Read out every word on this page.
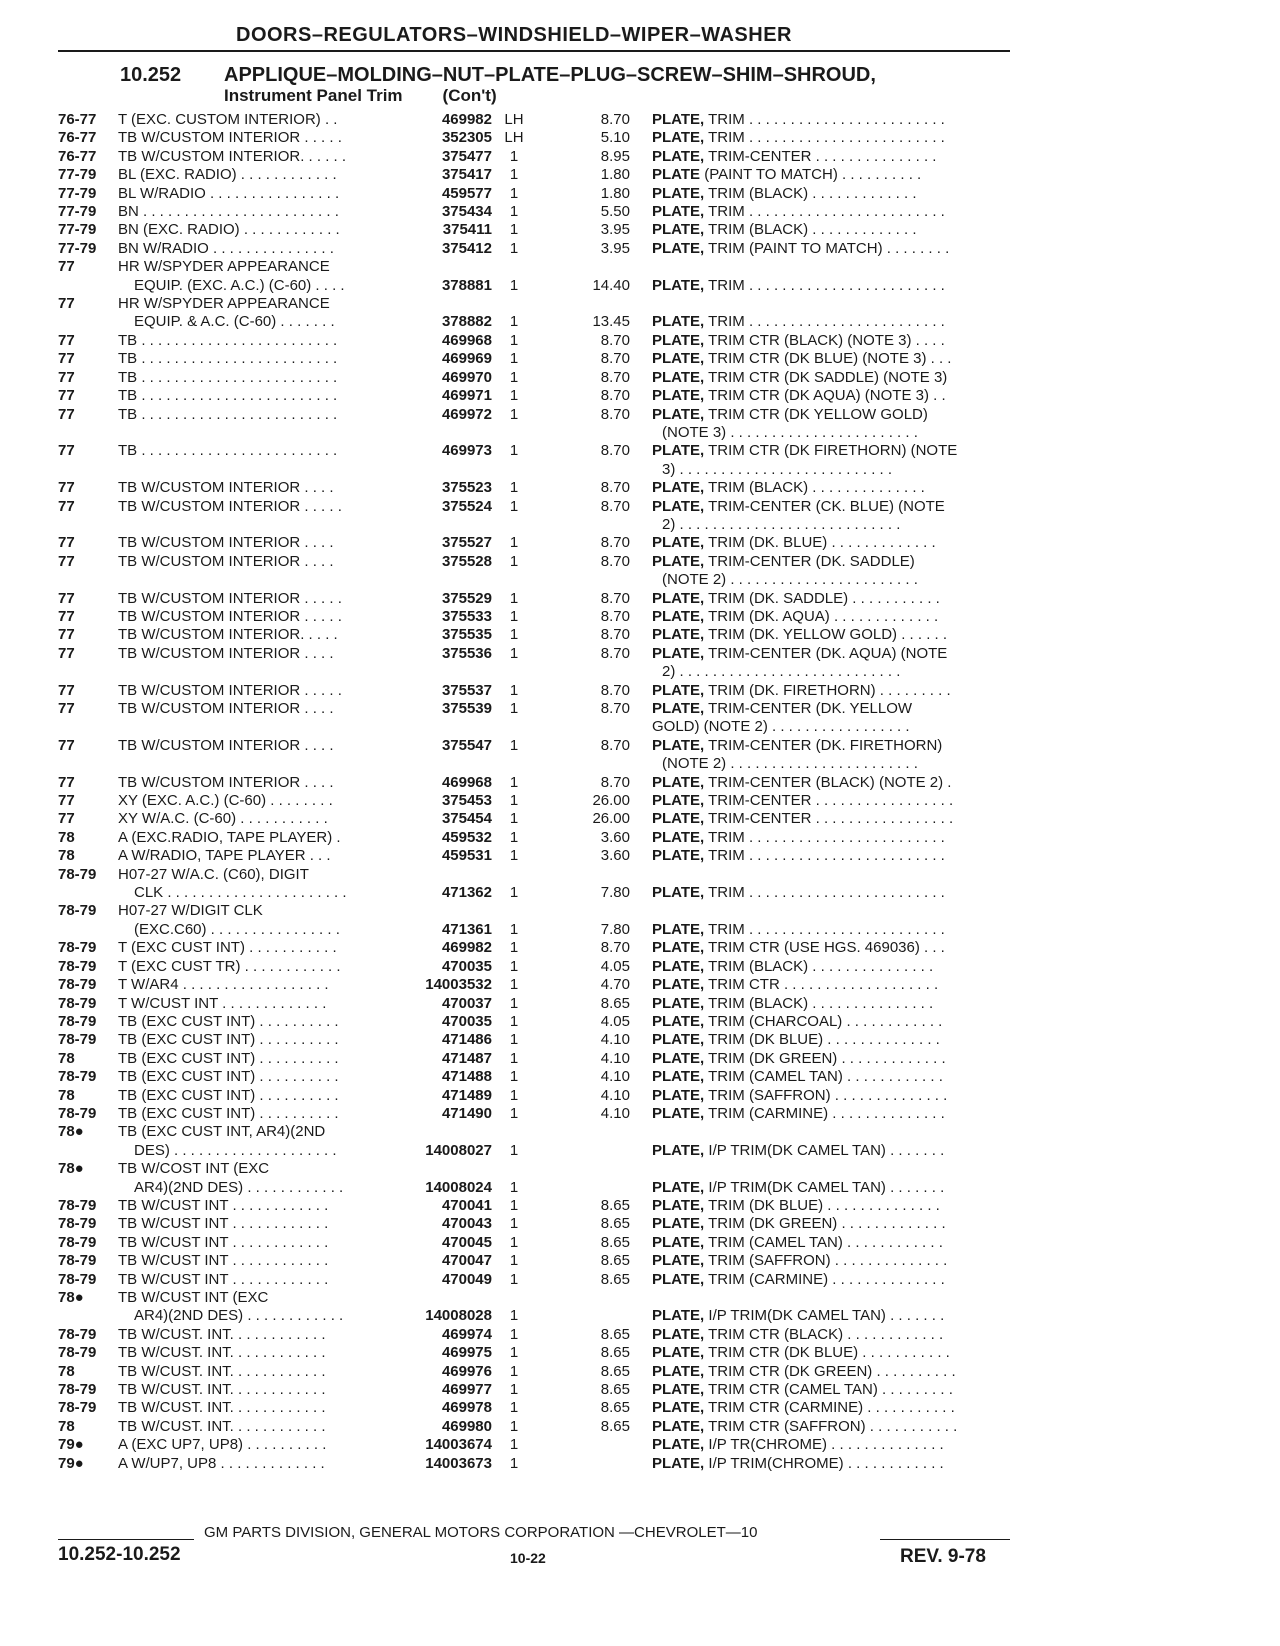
DOORS–REGULATORS–WINDSHIELD–WIPER–WASHER
10.252 APPLIQUE–MOLDING–NUT–PLATE–PLUG–SCREW–SHIM–SHROUD,
Instrument Panel Trim (Con't)
76-77	T (EXC. CUSTOM INTERIOR) . .	469982 LH	8.70 PLATE, TRIM . . . . . . . . . . . . . . . . . . . . . . . .
76-77	TB W/CUSTOM INTERIOR . . . . .	352305 LH	5.10 PLATE, TRIM . . . . . . . . . . . . . . . . . . . . . . . .
76-77	TB W/CUSTOM INTERIOR. . . . . .	375477	1	8.95 PLATE, TRIM-CENTER . . . . . . . . . . . . . . .
77-79	BL (EXC. RADIO) . . . . . . . . . . . .	375417	1	1.80 PLATE (PAINT TO MATCH) . . . . . . . . . .
77-79	BL W/RADIO . . . . . . . . . . . . . . . .	459577	1	1.80 PLATE, TRIM (BLACK) . . . . . . . . . . . . .
77-79	BN . . . . . . . . . . . . . . . . . . . . . . . .	375434	1	5.50 PLATE, TRIM . . . . . . . . . . . . . . . . . . . . . . . .
77-79	BN (EXC. RADIO) . . . . . . . . . . . .	375411	1	3.95 PLATE, TRIM (BLACK) . . . . . . . . . . . . .
77-79	BN W/RADIO . . . . . . . . . . . . . . .	375412	1	3.95 PLATE, TRIM (PAINT TO MATCH) . . . . . . . .
77	HR W/SPYDER APPEARANCE
EQUIP. (EXC. A.C.) (C-60) . . . .	378881	1	14.40 PLATE, TRIM . . . . . . . . . . . . . . . . . . . . . . . .
77	HR W/SPYDER APPEARANCE
EQUIP. & A.C. (C-60) . . . . . . .	378882	1	13.45 PLATE, TRIM . . . . . . . . . . . . . . . . . . . . . . . .
77	TB . . . . . . . . . . . . . . . . . . . . . . . .	469968	1	8.70 PLATE, TRIM CTR (BLACK) (NOTE 3) . . . .
77	TB . . . . . . . . . . . . . . . . . . . . . . . .	469969	1	8.70 PLATE, TRIM CTR (DK BLUE) (NOTE 3) . . .
77	TB . . . . . . . . . . . . . . . . . . . . . . . .	469970	1	8.70 PLATE, TRIM CTR (DK SADDLE) (NOTE 3)
77	TB . . . . . . . . . . . . . . . . . . . . . . . .	469971	1	8.70 PLATE, TRIM CTR (DK AQUA) (NOTE 3) . .
77	TB . . . . . . . . . . . . . . . . . . . . . . . .	469972	1	8.70 PLATE, TRIM CTR (DK YELLOW GOLD)
(NOTE 3) . . . . . . . . . . . . . . . . . . . . . . .
77	TB . . . . . . . . . . . . . . . . . . . . . . . .	469973	1	8.70 PLATE, TRIM CTR (DK FIRETHORN) (NOTE
3) . . . . . . . . . . . . . . . . . . . . . . . . . .
77	TB W/CUSTOM INTERIOR . . . .	375523	1	8.70 PLATE, TRIM (BLACK) . . . . . . . . . . . . . .
77	TB W/CUSTOM INTERIOR . . . . .	375524	1	8.70 PLATE, TRIM-CENTER (CK. BLUE) (NOTE
2) . . . . . . . . . . . . . . . . . . . . . . . . . . .
77	TB W/CUSTOM INTERIOR . . . .	375527	1	8.70 PLATE, TRIM (DK. BLUE) . . . . . . . . . . . . .
77	TB W/CUSTOM INTERIOR . . . .	375528	1	8.70 PLATE, TRIM-CENTER (DK. SADDLE)
(NOTE 2) . . . . . . . . . . . . . . . . . . . . . . .
77	TB W/CUSTOM INTERIOR . . . . .	375529	1	8.70 PLATE, TRIM (DK. SADDLE) . . . . . . . . . . .
77	TB W/CUSTOM INTERIOR . . . . .	375533	1	8.70 PLATE, TRIM (DK. AQUA) . . . . . . . . . . . . .
77	TB W/CUSTOM INTERIOR. . . . .	375535	1	8.70 PLATE, TRIM (DK. YELLOW GOLD) . . . . . .
77	TB W/CUSTOM INTERIOR . . . .	375536	1	8.70 PLATE, TRIM-CENTER (DK. AQUA) (NOTE
2) . . . . . . . . . . . . . . . . . . . . . . . . . . .
77	TB W/CUSTOM INTERIOR . . . . .	375537	1	8.70 PLATE, TRIM (DK. FIRETHORN) . . . . . . . . .
77	TB W/CUSTOM INTERIOR . . . .	375539	1	8.70 PLATE, TRIM-CENTER (DK. YELLOW
GOLD) (NOTE 2) . . . . . . . . . . . . . . . . .
77	TB W/CUSTOM INTERIOR . . . .	375547	1	8.70 PLATE, TRIM-CENTER (DK. FIRETHORN)
(NOTE 2) . . . . . . . . . . . . . . . . . . . . . . .
77	TB W/CUSTOM INTERIOR . . . .	469968	1	8.70 PLATE, TRIM-CENTER (BLACK) (NOTE 2) .
77	XY (EXC. A.C.) (C-60) . . . . . . . .	375453	1	26.00 PLATE, TRIM-CENTER . . . . . . . . . . . . . . . . .
77	XY W/A.C. (C-60) . . . . . . . . . . .	375454	1	26.00 PLATE, TRIM-CENTER . . . . . . . . . . . . . . . . .
78	A (EXC.RADIO, TAPE PLAYER) .	459532	1	3.60 PLATE, TRIM . . . . . . . . . . . . . . . . . . . . . . . .
78	A W/RADIO, TAPE PLAYER . . .	459531	1	3.60 PLATE, TRIM . . . . . . . . . . . . . . . . . . . . . . . .
78-79	H07-27 W/A.C. (C60), DIGIT
CLK . . . . . . . . . . . . . . . . . . . . . .	471362	1	7.80 PLATE, TRIM . . . . . . . . . . . . . . . . . . . . . . . .
78-79	H07-27 W/DIGIT CLK
(EXC.C60) . . . . . . . . . . . . . . . .	471361	1	7.80 PLATE, TRIM . . . . . . . . . . . . . . . . . . . . . . . .
78-79	T (EXC CUST INT) . . . . . . . . . . .	469982	1	8.70 PLATE, TRIM CTR (USE HGS. 469036) . . .
78-79	T (EXC CUST TR) . . . . . . . . . . . .	470035	1	4.05 PLATE, TRIM (BLACK) . . . . . . . . . . . . . . .
78-79	T W/AR4 . . . . . . . . . . . . . . . . . .	14003532	1	4.70 PLATE, TRIM CTR . . . . . . . . . . . . . . . . . . .
78-79	T W/CUST INT . . . . . . . . . . . . .	470037	1	8.65 PLATE, TRIM (BLACK) . . . . . . . . . . . . . . .
78-79	TB (EXC CUST INT) . . . . . . . . . .	470035	1	4.05 PLATE, TRIM (CHARCOAL) . . . . . . . . . . . .
78-79	TB (EXC CUST INT) . . . . . . . . . .	471486	1	4.10 PLATE, TRIM (DK BLUE) . . . . . . . . . . . . . .
78	TB (EXC CUST INT) . . . . . . . . . .	471487	1	4.10 PLATE, TRIM (DK GREEN) . . . . . . . . . . . . .
78-79	TB (EXC CUST INT) . . . . . . . . . .	471488	1	4.10 PLATE, TRIM (CAMEL TAN) . . . . . . . . . . . .
78	TB (EXC CUST INT) . . . . . . . . . .	471489	1	4.10 PLATE, TRIM (SAFFRON) . . . . . . . . . . . . . .
78-79	TB (EXC CUST INT) . . . . . . . . . .	471490	1	4.10 PLATE, TRIM (CARMINE) . . . . . . . . . . . . . .
78●	TB (EXC CUST INT, AR4)(2ND
DES) . . . . . . . . . . . . . . . . . . . .	14008027	1	PLATE, I/P TRIM(DK CAMEL TAN) . . . . . . .
78●	TB W/COST INT (EXC
AR4)(2ND DES) . . . . . . . . . . . .	14008024	1	PLATE, I/P TRIM(DK CAMEL TAN) . . . . . . .
78-79	TB W/CUST INT . . . . . . . . . . . .	470041	1	8.65 PLATE, TRIM (DK BLUE) . . . . . . . . . . . . . .
78-79	TB W/CUST INT . . . . . . . . . . . .	470043	1	8.65 PLATE, TRIM (DK GREEN) . . . . . . . . . . . . .
78-79	TB W/CUST INT . . . . . . . . . . . .	470045	1	8.65 PLATE, TRIM (CAMEL TAN) . . . . . . . . . . . .
78-79	TB W/CUST INT . . . . . . . . . . . .	470047	1	8.65 PLATE, TRIM (SAFFRON) . . . . . . . . . . . . . .
78-79	TB W/CUST INT . . . . . . . . . . . .	470049	1	8.65 PLATE, TRIM (CARMINE) . . . . . . . . . . . . . .
78●	TB W/CUST INT (EXC
AR4)(2ND DES) . . . . . . . . . . . .	14008028	1	PLATE, I/P TRIM(DK CAMEL TAN) . . . . . . .
78-79	TB W/CUST. INT. . . . . . . . . . . .	469974	1	8.65 PLATE, TRIM CTR (BLACK) . . . . . . . . . . . .
78-79	TB W/CUST. INT. . . . . . . . . . . .	469975	1	8.65 PLATE, TRIM CTR (DK BLUE) . . . . . . . . . . .
78	TB W/CUST. INT. . . . . . . . . . . .	469976	1	8.65 PLATE, TRIM CTR (DK GREEN) . . . . . . . . . .
78-79	TB W/CUST. INT. . . . . . . . . . . .	469977	1	8.65 PLATE, TRIM CTR (CAMEL TAN) . . . . . . . . .
78-79	TB W/CUST. INT. . . . . . . . . . . .	469978	1	8.65 PLATE, TRIM CTR (CARMINE) . . . . . . . . . . .
78	TB W/CUST. INT. . . . . . . . . . . .	469980	1	8.65 PLATE, TRIM CTR (SAFFRON) . . . . . . . . . . .
79●	A (EXC UP7, UP8) . . . . . . . . . .	14003674	1	PLATE, I/P TR(CHROME) . . . . . . . . . . . . . .
79●	A W/UP7, UP8 . . . . . . . . . . . . .	14003673	1	PLATE, I/P TRIM(CHROME) . . . . . . . . . . . .
GM PARTS DIVISION, GENERAL MOTORS CORPORATION —CHEVROLET—10
10.252-10.252	10-22	REV. 9-78
